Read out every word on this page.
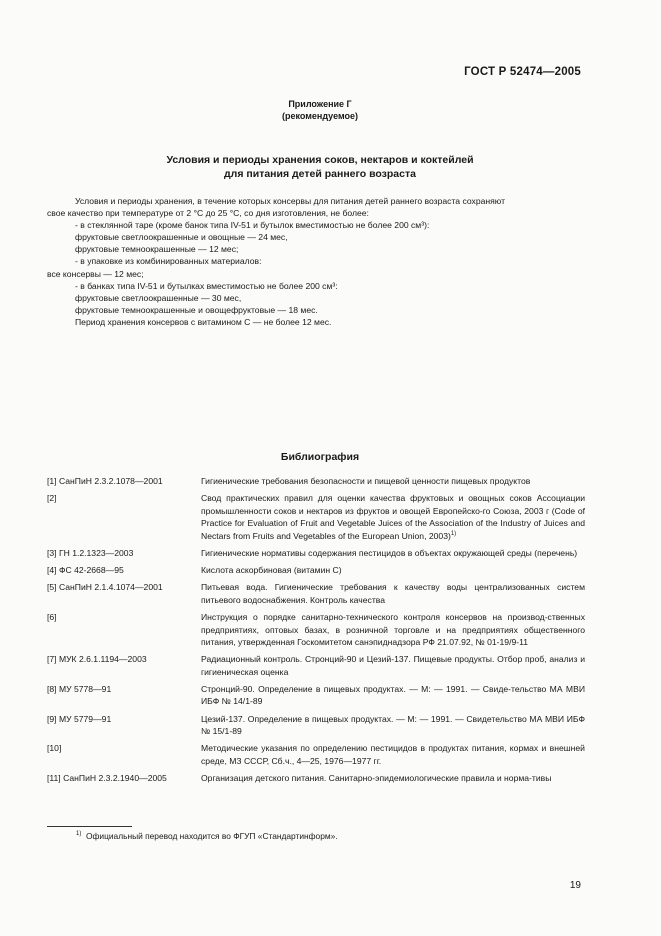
ГОСТ Р 52474—2005
Приложение Г
(рекомендуемое)
Условия и периоды хранения соков, нектаров и коктейлей
для питания детей раннего возраста
Условия и периоды хранения, в течение которых консервы для питания детей раннего возраста сохраняют
свое качество при температуре от 2 °С до 25 °С, со дня изготовления, не более:
- в стеклянной таре (кроме банок типа IV-51 и бутылок вместимостью не более 200 см³):
фруктовые светлоокрашенные и овощные — 24 мес,
фруктовые темноокрашенные — 12 мес;
- в упаковке из комбинированных материалов:
все консервы — 12 мес;
- в банках типа IV-51 и бутылках вместимостью не более 200 см³:
фруктовые светлоокрашенные — 30 мес,
фруктовые темноокрашенные и овощефруктовые — 18 мес.
Период хранения консервов с витамином С — не более 12 мес.
Библиография
[1] СанПиН 2.3.2.1078—2001	Гигиенические требования безопасности и пищевой ценности пищевых продуктов
[2]	Свод практических правил для оценки качества фруктовых и овощных соков Ассоциации промышленности соков и нектаров из фруктов и овощей Европейско-го Союза, 2003 г (Code of Practice for Evaluation of Fruit and Vegetable Juices of the Association of the Industry of Juices and Nectars from Fruits and Vegetables of the European Union, 2003)$^{1)}$
[3] ГН 1.2.1323—2003	Гигиенические нормативы содержания пестицидов в объектах окружающей среды (перечень)
[4] ФС 42-2668—95	Кислота аскорбиновая (витамин С)
[5] СанПиН 2.1.4.1074—2001	Питьевая вода. Гигиенические требования к качеству воды централизованных систем питьевого водоснабжения. Контроль качества
[6]	Инструкция о порядке санитарно-технического контроля консервов на производ-ственных предприятиях, оптовых базах, в розничной торговле и на предприятиях общественного питания, утвержденная Госкомитетом санэпиднадзора РФ 21.07.92, № 01-19/9-11
[7] МУК 2.6.1.1194—2003	Радиационный контроль. Стронций-90 и Цезий-137. Пищевые продукты. Отбор проб, анализ и гигиеническая оценка
[8] МУ 5778—91	Стронций-90. Определение в пищевых продуктах. — М: — 1991. — Свиде-тельство МА МВИ ИБФ № 14/1-89
[9] МУ 5779—91	Цезий-137. Определение в пищевых продуктах. — М: — 1991. — Свидетельство МА МВИ ИБФ № 15/1-89
[10]	Методические указания по определению пестицидов в продуктах питания, кормах и внешней среде, МЗ СССР, Сб.ч., 4—25, 1976—1977 гг.
[11] СанПиН 2.3.2.1940—2005	Организация детского питания. Санитарно-эпидемиологические правила и норма-тивы
$^{1)}$ Официальный перевод находится во ФГУП «Стандартинформ».
19
